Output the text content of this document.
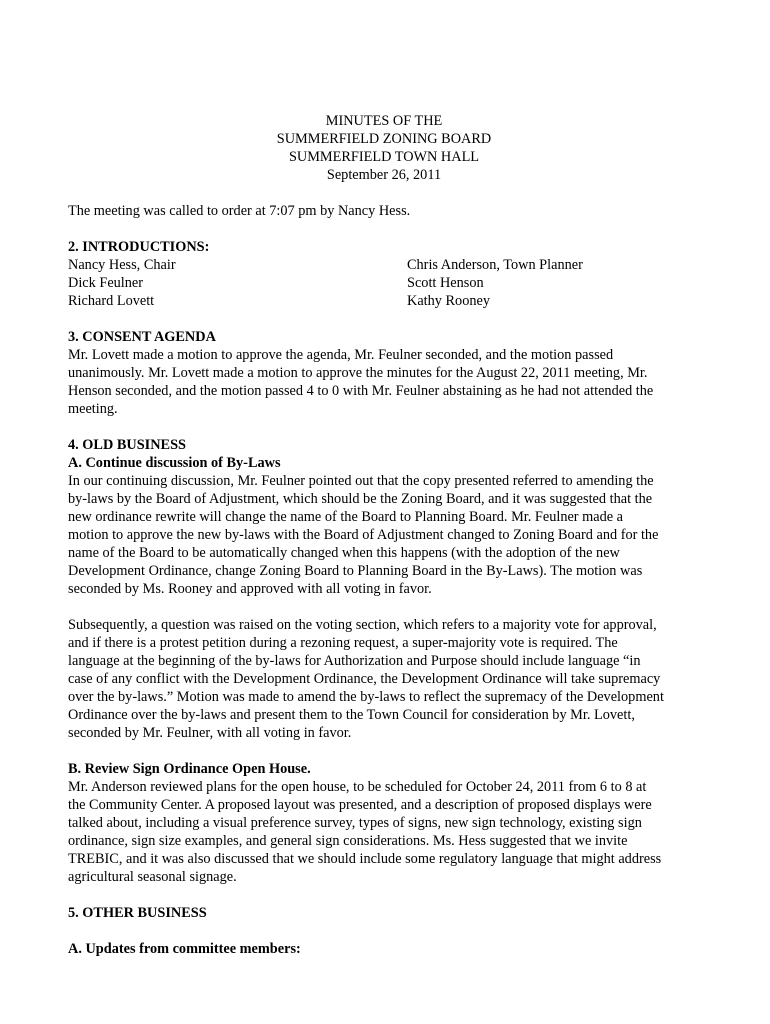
MINUTES OF THE
SUMMERFIELD ZONING BOARD
SUMMERFIELD TOWN HALL
September 26, 2011

The meeting was called to order at 7:07 pm by Nancy Hess.

2. INTRODUCTIONS:

Nancy Hess, Chair
Dick Feulner
Richard Lovett
Chris Anderson, Town Planner
Scott Henson
Kathy Rooney

3. CONSENT AGENDA

Mr. Lovett made a motion to approve the agenda, Mr. Feulner seconded, and the motion passed
unanimously. Mr. Lovett made a motion to approve the minutes for the August 22, 2011 meeting, Mr.
Henson seconded, and the motion passed 4 to 0 with Mr. Feulner abstaining as he had not attended the
meeting.

4. OLD BUSINESS

A. Continue discussion of By-Laws

In our continuing discussion, Mr. Feulner pointed out that the copy presented referred to amending the
by-laws by the Board of Adjustment, which should be the Zoning Board, and it was suggested that the
new ordinance rewrite will change the name of the Board to Planning Board. Mr. Feulner made a
motion to approve the new by-laws with the Board of Adjustment changed to Zoning Board and for the
name of the Board to be automatically changed when this happens (with the adoption of the new
Development Ordinance, change Zoning Board to Planning Board in the By-Laws). The motion was
seconded by Ms. Rooney and approved with all voting in favor.
Subsequently, a question was raised on the voting section, which refers to a majority vote for approval,
and if there is a protest petition during a rezoning request, a super-majority vote is required. The
language at the beginning of the by-laws for Authorization and Purpose should include language “in
case of any conflict with the Development Ordinance, the Development Ordinance will take supremacy
over the by-laws.” Motion was made to amend the by-laws to reflect the supremacy of the Development
Ordinance over the by-laws and present them to the Town Council for consideration by Mr. Lovett,
seconded by Mr. Feulner, with all voting in favor.

B. Review Sign Ordinance Open House.

Mr. Anderson reviewed plans for the open house, to be scheduled for October 24, 2011 from 6 to 8 at
the Community Center. A proposed layout was presented, and a description of proposed displays were
talked about, including a visual preference survey, types of signs, new sign technology, existing sign
ordinance, sign size examples, and general sign considerations. Ms. Hess suggested that we invite
TREBIC, and it was also discussed that we should include some regulatory language that might address
agricultural seasonal signage.

5. OTHER BUSINESS

A. Updates from committee members:
